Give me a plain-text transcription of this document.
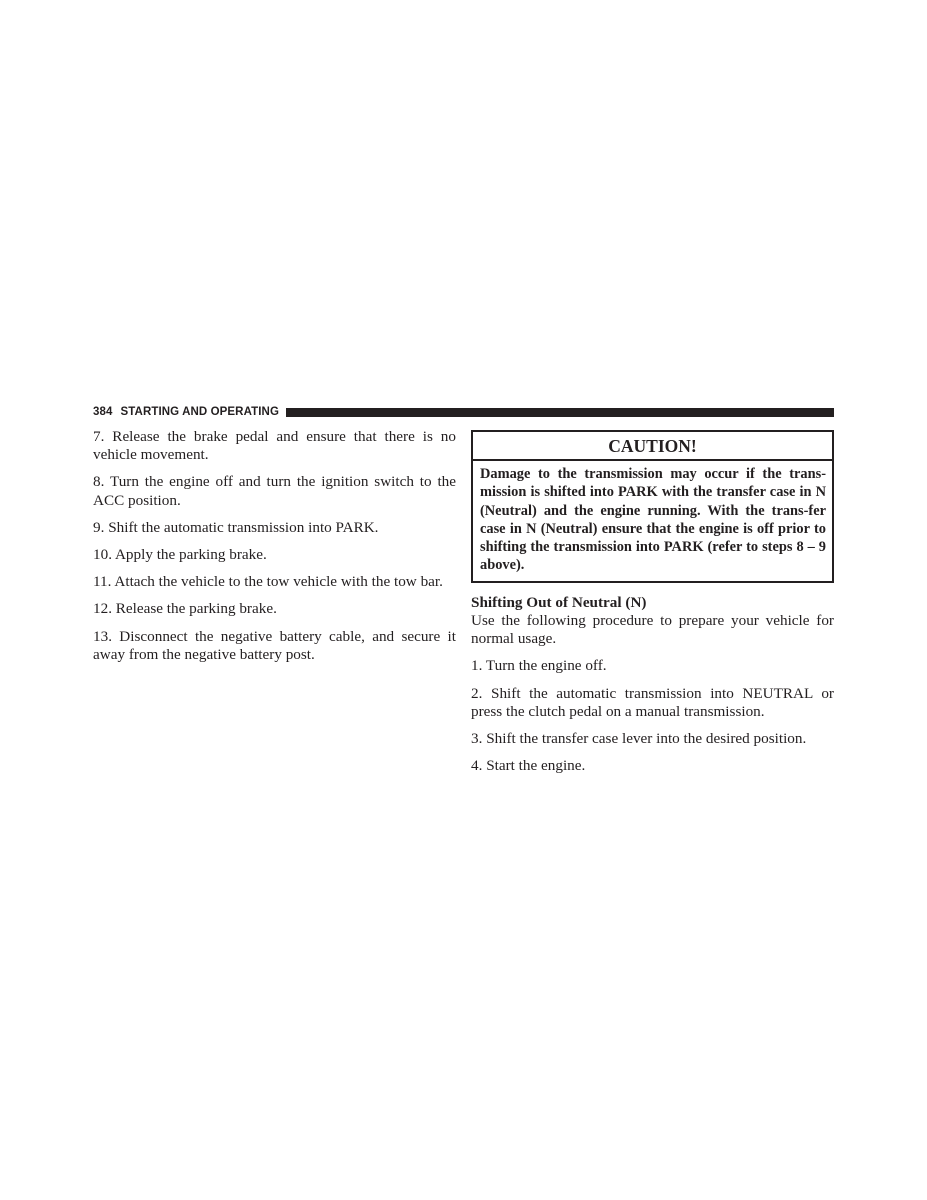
384 STARTING AND OPERATING

7. Release the brake pedal and ensure that there is no vehicle movement.

8. Turn the engine off and turn the ignition switch to the ACC position.

9. Shift the automatic transmission into PARK.

10. Apply the parking brake.

11. Attach the vehicle to the tow vehicle with the tow bar.

12. Release the parking brake.

13. Disconnect the negative battery cable, and secure it away from the negative battery post.

CAUTION!

Damage to the transmission may occur if the trans-mission is shifted into PARK with the transfer case in N (Neutral) and the engine running. With the trans-fer case in N (Neutral) ensure that the engine is off prior to shifting the transmission into PARK (refer to steps 8 – 9 above).

Shifting Out of Neutral (N)

Use the following procedure to prepare your vehicle for normal usage.

1. Turn the engine off.

2. Shift the automatic transmission into NEUTRAL or press the clutch pedal on a manual transmission.

3. Shift the transfer case lever into the desired position.

4. Start the engine.
